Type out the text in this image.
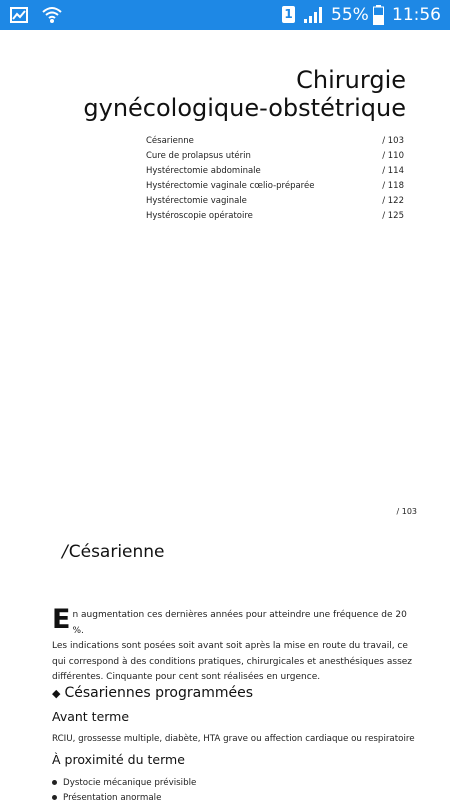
1 55% 11:56
Chirurgie
gynécologique-obstétrique
Césarienne	/ 103
Cure de prolapsus utérin	/ 110
Hystérectomie abdominale	/ 114
Hystérectomie vaginale cœlio-préparée	/ 118
Hystérectomie vaginale	/ 122
Hystéroscopie opératoire	/ 125
/ 103
/Césarienne
E n augmentation ces dernières années pour atteindre une fréquence de 20 %.

Les indications sont posées soit avant soit après la mise en route du travail, ce qui correspond à des conditions pratiques, chirurgicales et anesthésiques assez différentes. Cinquante pour cent sont réalisées en urgence.

◆ Césariennes programmées
Avant terme
RCIU, grossesse multiple, diabète, HTA grave ou affection cardiaque ou respiratoire
À proximité du terme
Dystocie mécanique prévisible
Présentation anormale
